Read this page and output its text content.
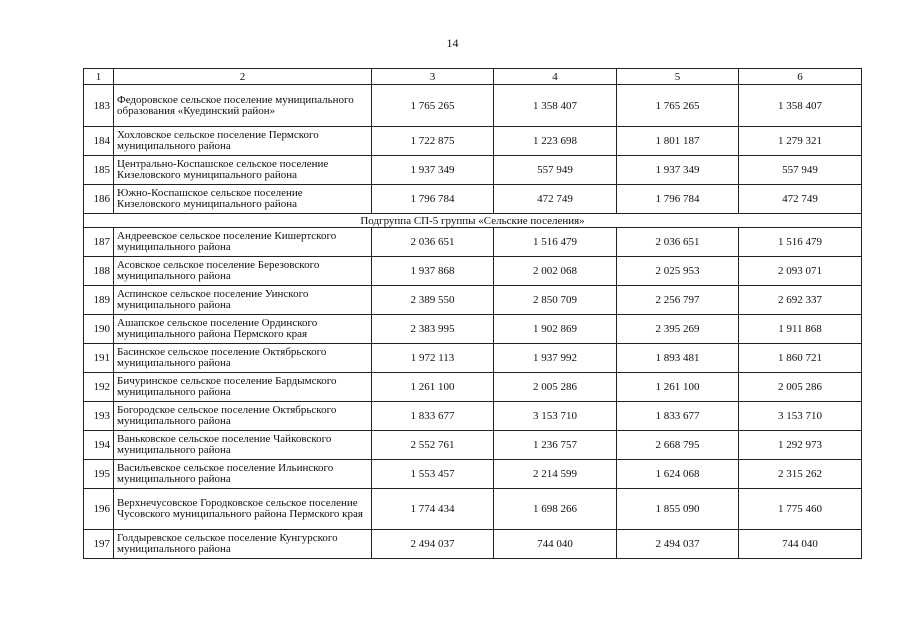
14
1	2	3	4	5	6
183	Федоровское сельское поселение муниципального образования «Куединский район»	1 765 265	1 358 407	1 765 265	1 358 407
184	Хохловское сельское поселение Пермского муниципального района	1 722 875	1 223 698	1 801 187	1 279 321
185	Центрально-Коспашское сельское поселение Кизеловского муниципального района	1 937 349	557 949	1 937 349	557 949
186	Южно-Коспашское сельское поселение Кизеловского муниципального района	1 796 784	472 749	1 796 784	472 749
Подгруппа СП-5 группы «Сельские поселения»					
187	Андреевское сельское поселение Кишертского муниципального района	2 036 651	1 516 479	2 036 651	1 516 479
188	Асовское сельское поселение Березовского муниципального района	1 937 868	2 002 068	2 025 953	2 093 071
189	Аспинское сельское поселение Уинского муниципального района	2 389 550	2 850 709	2 256 797	2 692 337
190	Ашапское сельское поселение Ординского муниципального района Пермского края	2 383 995	1 902 869	2 395 269	1 911 868
191	Басинское сельское поселение Октябрьского муниципального района	1 972 113	1 937 992	1 893 481	1 860 721
192	Бичуринское сельское поселение Бардымского муниципального района	1 261 100	2 005 286	1 261 100	2 005 286
193	Богородское сельское поселение Октябрьского муниципального района	1 833 677	3 153 710	1 833 677	3 153 710
194	Ваньковское сельское поселение Чайковского муниципального района	2 552 761	1 236 757	2 668 795	1 292 973
195	Васильевское сельское поселение Ильинского муниципального района	1 553 457	2 214 599	1 624 068	2 315 262
196	Верхнечусовское Городковское сельское поселение Чусовского муниципального района Пермского края	1 774 434	1 698 266	1 855 090	1 775 460
197	Голдыревское сельское поселение Кунгурского муниципального района	2 494 037	744 040	2 494 037	744 040
